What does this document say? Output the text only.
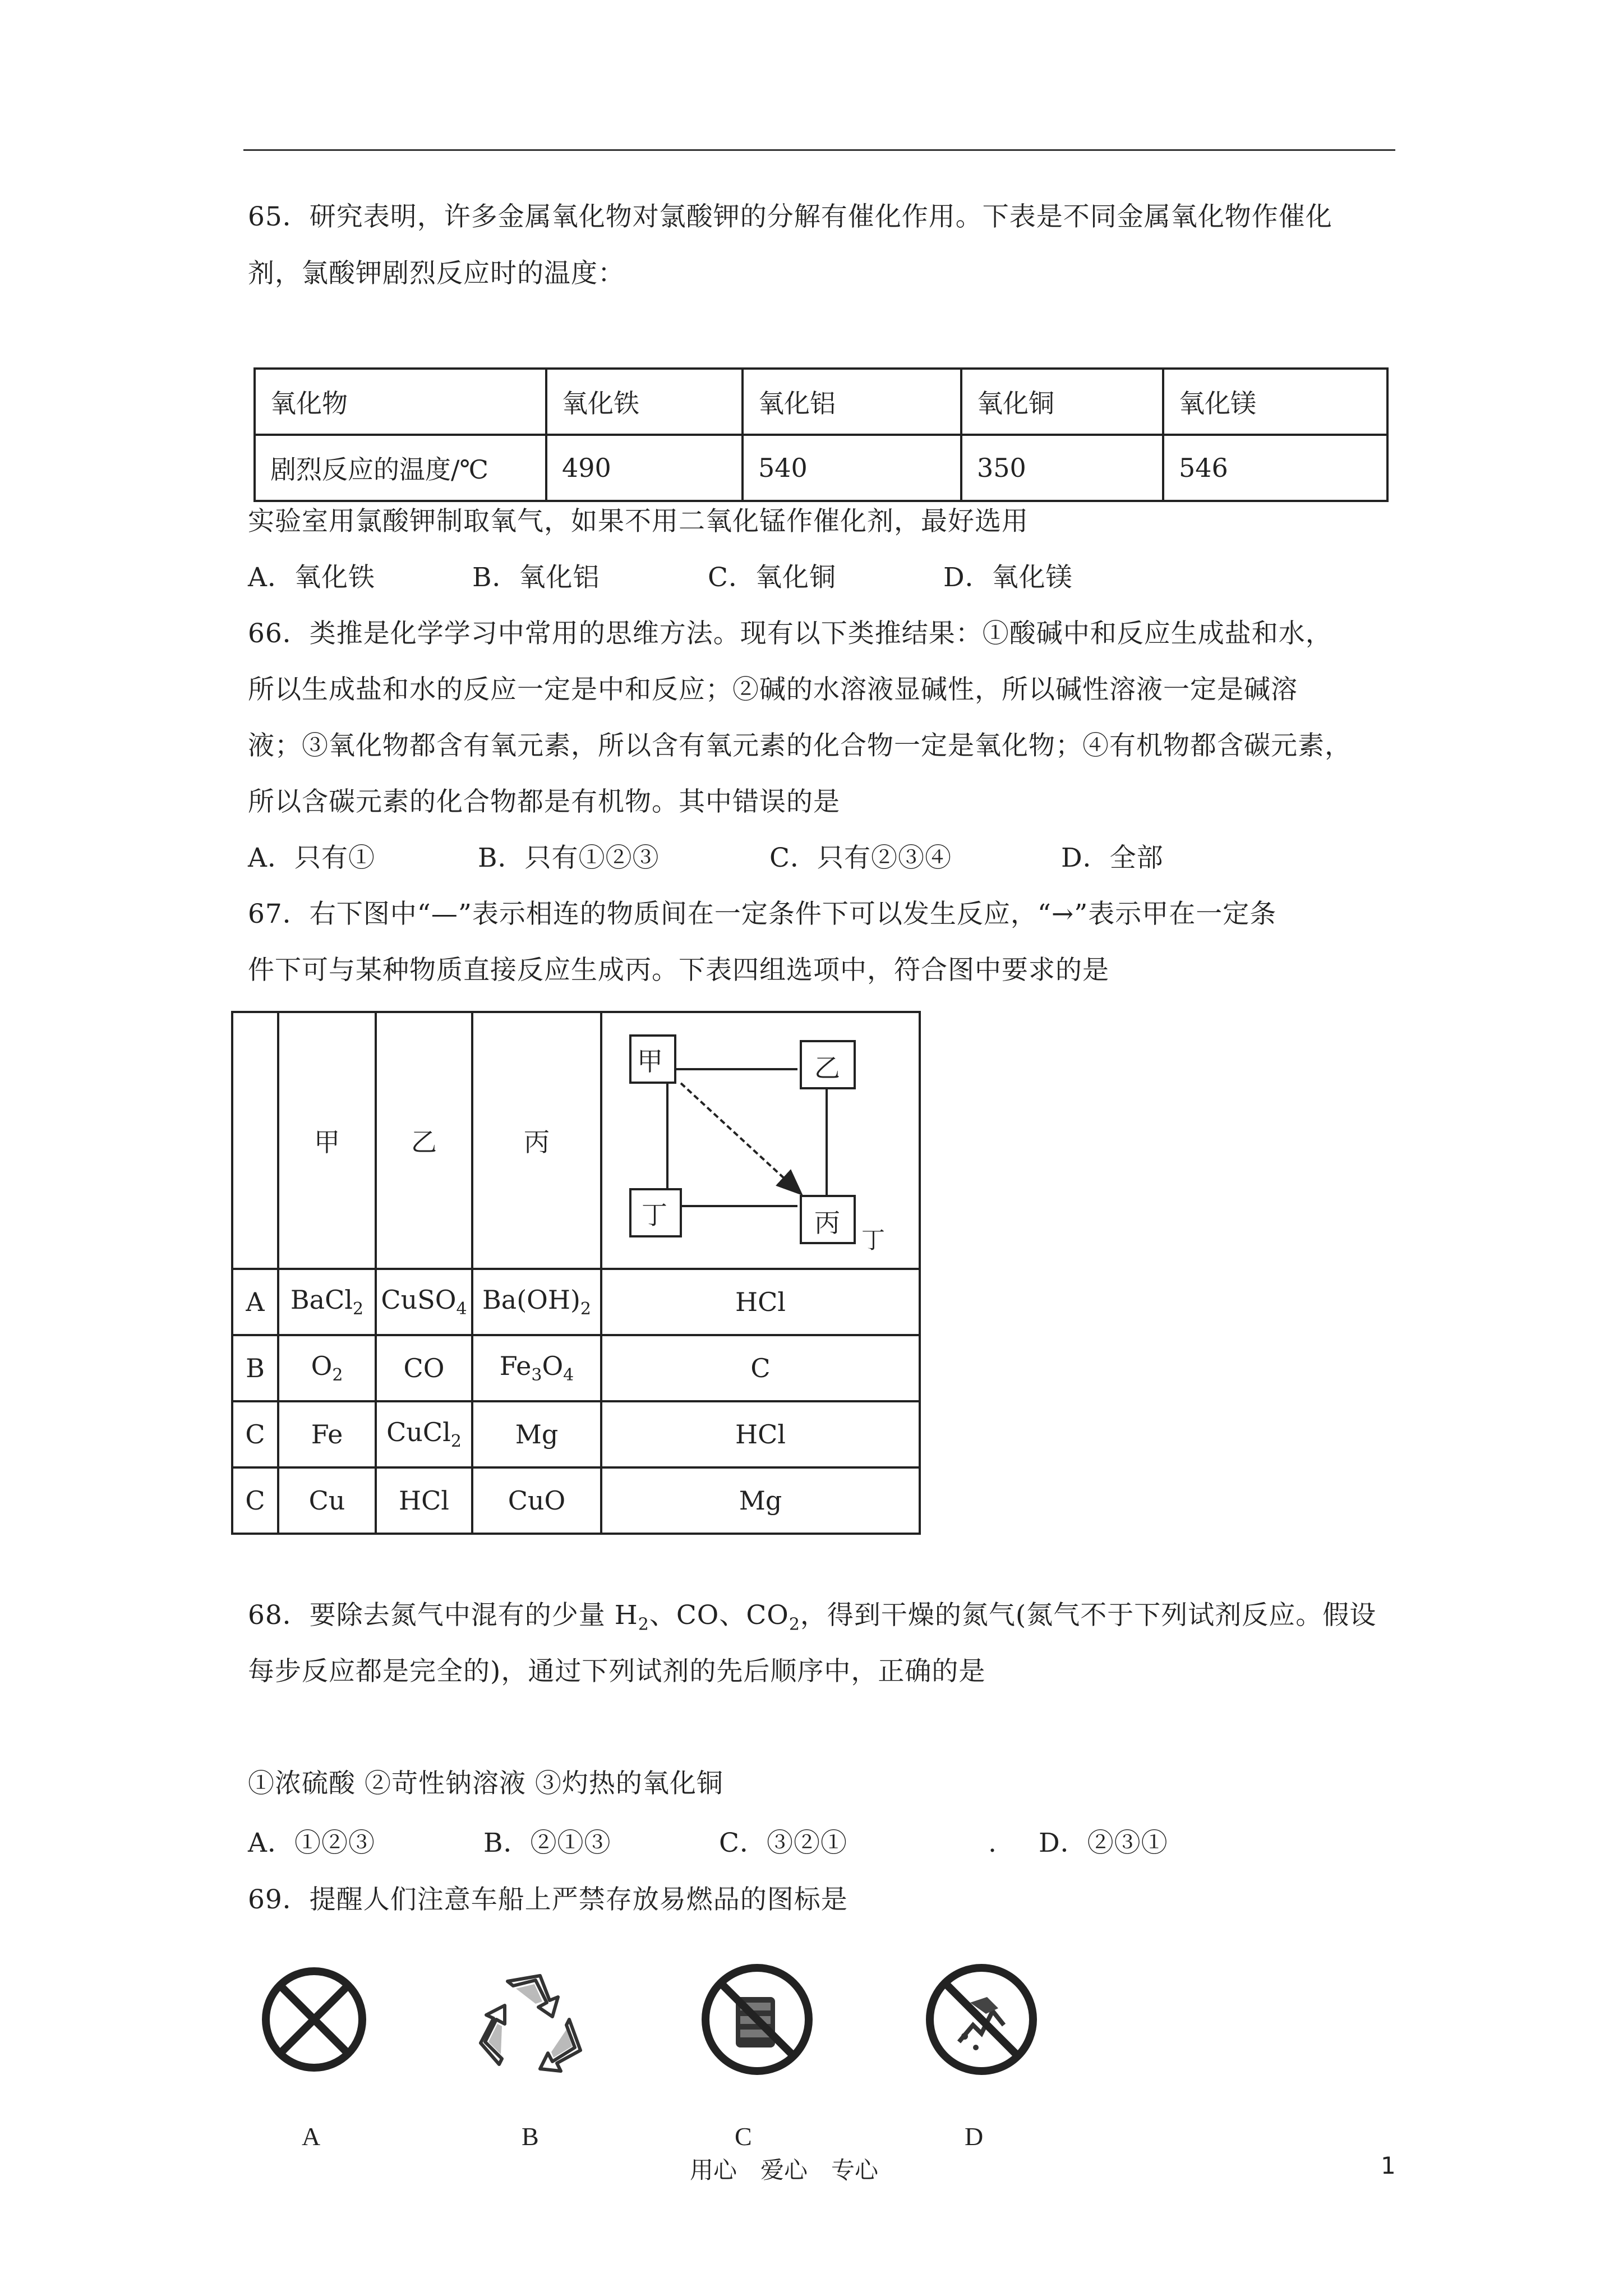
65．研究表明，许多金属氧化物对氯酸钾的分解有催化作用。下表是不同金属氧化物作催化
剂，氯酸钾剧烈反应时的温度：
氧化物	氧化铁	氧化铝	氧化铜	氧化镁
剧烈反应的温度/℃	490	540	350	546
实验室用氯酸钾制取氧气，如果不用二氧化锰作催化剂，最好选用
A．氧化铁	B．氧化铝	C．氧化铜	D．氧化镁
66．类推是化学学习中常用的思维方法。现有以下类推结果：①酸碱中和反应生成盐和水，
所以生成盐和水的反应一定是中和反应；②碱的水溶液显碱性，所以碱性溶液一定是碱溶
液；③氧化物都含有氧元素，所以含有氧元素的化合物一定是氧化物；④有机物都含碳元素，
所以含碳元素的化合物都是有机物。其中错误的是
A．只有①	B．只有①②③	C．只有②③④	D．全部
67．右下图中“—”表示相连的物质间在一定条件下可以发生反应，“→”表示甲在一定条
件下可与某种物质直接反应生成丙。下表四组选项中，符合图中要求的是
	甲	乙	丙	甲 乙
丁 丙
丁

A	BaCl$_2$	CuSO$_4$	$Ba(OH)_2$	HCl
B	$O_2$	CO	$Fe_3O_4$	C
C	Fe	CuCl$_2$	Mg	HCl
C	Cu	HCl	CuO	Mg
68．要除去氮气中混有的少量 $H_2$、CO、$CO_2$，得到干燥的氮气(氮气不于下列试剂反应。假设
每步反应都是完全的)，通过下列试剂的先后顺序中，正确的是
①浓硫酸 ②苛性钠溶液 ③灼热的氧化铜
A．①②③	B．②①③	C．③②①	. D．②③①
69．提醒人们注意车船上严禁存放易燃品的图标是
A	B	C	D
用心　爱心　专心	1
